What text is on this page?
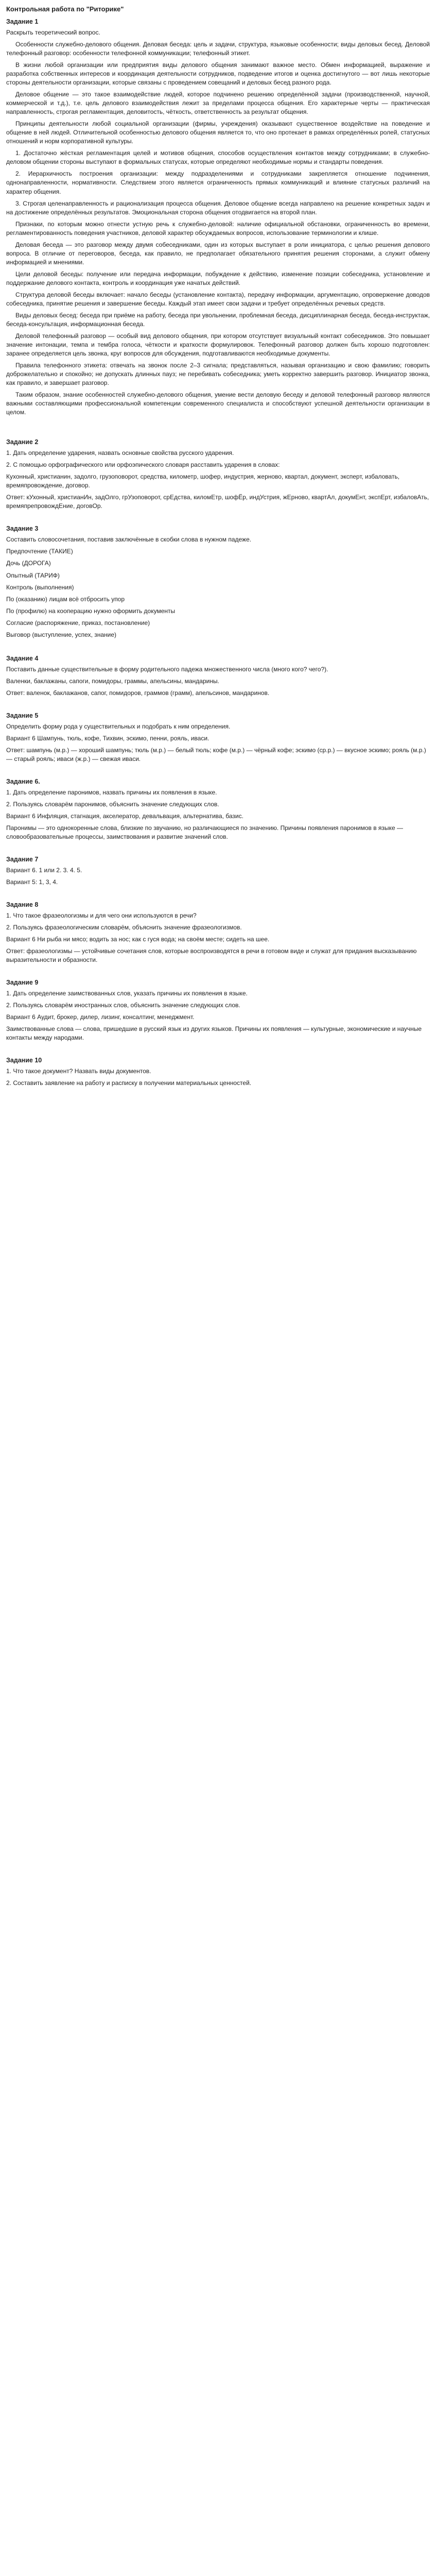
Контрольная работа по "Риторике"
Задание 1
Раскрыть теоретический вопрос.

Особенности служебно-делового общения. Деловая беседа: цель и задачи, структура, языковые особенности; виды деловых бесед. Деловой телефонный разговор: особенности телефонной коммуникации; телефонный этикет.

В жизни любой организации или предприятия виды делового общения занимают важное место. Обмен информацией, выражение и разработка собственных интересов и координация деятельности сотрудников, подведение итогов и оценка достигнутого — вот лишь некоторые стороны деятельности организации, которые связаны с проведением совещаний и деловых бесед разного рода.

Деловое общение — это такое взаимодействие людей, которое подчинено решению определённой задачи (производственной, научной, коммерческой и т.д.), т.е. цель делового взаимодействия лежит за пределами процесса общения. Его характерные черты — практическая направленность, строгая регламентация, деловитость, чёткость, ответственность за результат общения.

Принципы деятельности любой социальной организации (фирмы, учреждения) оказывают существенное воздействие на поведение и общение в ней людей. Отличительной особенностью делового общения является то, что оно протекает в рамках определённых ролей, статусных отношений и норм корпоративной культуры.

1. Достаточно жёсткая регламентация целей и мотивов общения, способов осуществления контактов между сотрудниками; в служебно-деловом общении стороны выступают в формальных статусах, которые определяют необходимые нормы и стандарты поведения.

2. Иерархичность построения организации: между подразделениями и сотрудниками закрепляется отношение подчинения, однонаправленности, нормативности. Следствием этого является ограниченность прямых коммуникаций и влияние статусных различий на характер общения.

3. Строгая целенаправленность и рационализация процесса общения. Деловое общение всегда направлено на решение конкретных задач и на достижение определённых результатов. Эмоциональная сторона общения отодвигается на второй план.

Признаки, по которым можно отнести устную речь к служебно-деловой: наличие официальной обстановки, ограниченность во времени, регламентированность поведения участников, деловой характер обсуждаемых вопросов, использование терминологии и клише.

Деловая беседа — это разговор между двумя собеседниками, один из которых выступает в роли инициатора, с целью решения делового вопроса. В отличие от переговоров, беседа, как правило, не предполагает обязательного принятия решения сторонами, а служит обмену информацией и мнениями.

Цели деловой беседы: получение или передача информации, побуждение к действию, изменение позиции собеседника, установление и поддержание делового контакта, контроль и координация уже начатых действий.

Структура деловой беседы включает: начало беседы (установление контакта), передачу информации, аргументацию, опровержение доводов собеседника, принятие решения и завершение беседы. Каждый этап имеет свои задачи и требует определённых речевых средств.

Виды деловых бесед: беседа при приёме на работу, беседа при увольнении, проблемная беседа, дисциплинарная беседа, беседа-инструктаж, беседа-консультация, информационная беседа.

Деловой телефонный разговор — особый вид делового общения, при котором отсутствует визуальный контакт собеседников. Это повышает значение интонации, темпа и тембра голоса, чёткости и краткости формулировок. Телефонный разговор должен быть хорошо подготовлен: заранее определяется цель звонка, круг вопросов для обсуждения, подготавливаются необходимые документы.

Правила телефонного этикета: отвечать на звонок после 2–3 сигнала; представляться, называя организацию и свою фамилию; говорить доброжелательно и спокойно; не допускать длинных пауз; не перебивать собеседника; уметь корректно завершить разговор. Инициатор звонка, как правило, и завершает разговор.

Таким образом, знание особенностей служебно-делового общения, умение вести деловую беседу и деловой телефонный разговор являются важными составляющими профессиональной компетенции современного специалиста и способствуют успешной деятельности организации в целом.

Задание 2
1. Дать определение ударения, назвать основные свойства русского ударения.
2. С помощью орфографического или орфоэпического словаря расставить ударения в словах:
Кухонный, христианин, задолго, грузоповорот, средства, километр, шофер, индустрия, жерново, квартал, документ, эксперт, избаловать, времяпровождение, договор.
Ответ: кУхонный, христианИн, задОлго, грУзоповорот, срЕдства, киломЕтр, шофЁр, индУстрия, жЕрново, квартАл, докумЕнт, экспЕрт, избаловАть, времяпрепровождЕние, договОр.
Задание 3
Составить словосочетания, поставив заключённые в скобки слова в нужном падеже.
Предпочтение (ТАКИЕ)
Дочь (ДОРОГА)
Опытный (ТАРИФ)
Контроль (выполнения)
По (оказанию) лицам всё отбросить упор
По (профилю) на кооперацию нужно оформить документы
Согласие (распоряжение, приказ, постановление)
Выговор (выступление, успех, знание)
Задание 4
Поставить данные существительные в форму родительного падежа множественного числа (много кого? чего?).
Валенки, баклажаны, сапоги, помидоры, граммы, апельсины, мандарины.
Ответ: валенок, баклажанов, сапог, помидоров, граммов (грамм), апельсинов, мандаринов.
Задание 5
Определить форму рода у существительных и подобрать к ним определения.
Вариант 6 Шампунь, тюль, кофе, Тихвин, эскимо, пенни, рояль, иваси.
Ответ: шампунь (м.р.) — хороший шампунь; тюль (м.р.) — белый тюль; кофе (м.р.) — чёрный кофе; эскимо (ср.р.) — вкусное эскимо; рояль (м.р.) — старый рояль; иваси (ж.р.) — свежая иваси.
Задание 6.
1. Дать определение паронимов, назвать причины их появления в языке.
2. Пользуясь словарём паронимов, объяснить значение следующих слов.
Вариант 6 Инфляция, стагнация, акселератор, девальвация, альтернатива, базис.
Паронимы — это однокоренные слова, близкие по звучанию, но различающиеся по значению. Причины появления паронимов в языке — словообразовательные процессы, заимствования и развитие значений слов.
Задание 7
Вариант 6. 1 или 2. 3. 4. 5.
Вариант 5: 1, 3, 4.
Задание 8
1. Что такое фразеологизмы и для чего они используются в речи?
2. Пользуясь фразеологическим словарём, объяснить значение фразеологизмов.
Вариант 6 Ни рыба ни мясо; водить за нос; как с гуся вода; на своём месте; сидеть на шее.
Ответ: фразеологизмы — устойчивые сочетания слов, которые воспроизводятся в речи в готовом виде и служат для придания высказыванию выразительности и образности.
Задание 9
1. Дать определение заимствованных слов, указать причины их появления в языке.
2. Пользуясь словарём иностранных слов, объяснить значение следующих слов.
Вариант 6 Аудит, брокер, дилер, лизинг, консалтинг, менеджмент.
Заимствованные слова — слова, пришедшие в русский язык из других языков. Причины их появления — культурные, экономические и научные контакты между народами.
Задание 10
1. Что такое документ? Назвать виды документов.
2. Составить заявление на работу и расписку в получении материальных ценностей.
